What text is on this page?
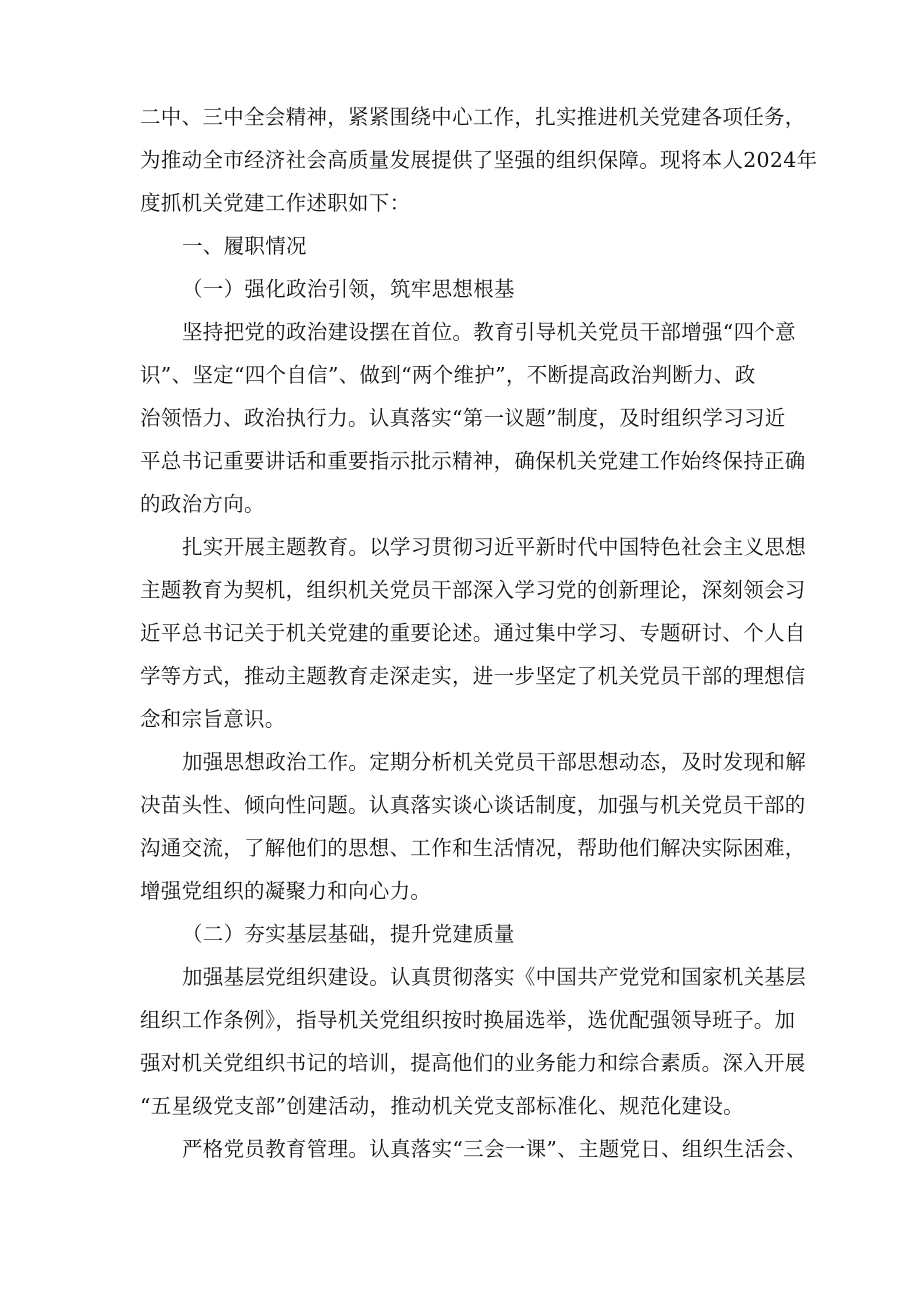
二中、三中全会精神，紧紧围绕中心工作，扎实推进机关党建各项任务，
为推动全市经济社会高质量发展提供了坚强的组织保障。现将本人2024年
度抓机关党建工作述职如下：
一、履职情况
（一）强化政治引领，筑牢思想根基
坚持把党的政治建设摆在首位。教育引导机关党员干部增强“四个意
识”、坚定“四个自信”、做到“两个维护”，不断提高政治判断力、政
治领悟力、政治执行力。认真落实“第一议题”制度，及时组织学习习近
平总书记重要讲话和重要指示批示精神，确保机关党建工作始终保持正确
的政治方向。
扎实开展主题教育。以学习贯彻习近平新时代中国特色社会主义思想
主题教育为契机，组织机关党员干部深入学习党的创新理论，深刻领会习
近平总书记关于机关党建的重要论述。通过集中学习、专题研讨、个人自
学等方式，推动主题教育走深走实，进一步坚定了机关党员干部的理想信
念和宗旨意识。
加强思想政治工作。定期分析机关党员干部思想动态，及时发现和解
决苗头性、倾向性问题。认真落实谈心谈话制度，加强与机关党员干部的
沟通交流，了解他们的思想、工作和生活情况，帮助他们解决实际困难，
增强党组织的凝聚力和向心力。
（二）夯实基层基础，提升党建质量
加强基层党组织建设。认真贯彻落实《中国共产党党和国家机关基层
组织工作条例》，指导机关党组织按时换届选举，选优配强领导班子。加
强对机关党组织书记的培训，提高他们的业务能力和综合素质。深入开展
“五星级党支部”创建活动，推动机关党支部标准化、规范化建设。
严格党员教育管理。认真落实“三会一课”、主题党日、组织生活会、
